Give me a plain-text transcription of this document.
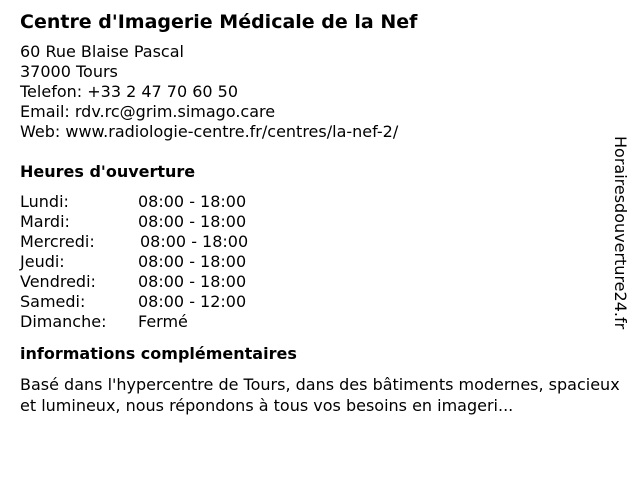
Centre d'Imagerie Médicale de la Nef
60 Rue Blaise Pascal
37000 Tours
Telefon: +33 2 47 70 60 50
Email: rdv.rc@grim.simago.care
Web: www.radiologie-centre.fr/centres/la-nef-2/
Heures d'ouverture
Lundi:	08:00 - 18:00
Mardi:	08:00 - 18:00
Mercredi:	08:00 - 18:00
Jeudi:	08:00 - 18:00
Vendredi:	08:00 - 18:00
Samedi:	08:00 - 12:00
Dimanche:	Fermé
informations complémentaires
Basé dans l'hypercentre de Tours, dans des bâtiments modernes, spacieux et lumineux, nous répondons à tous vos besoins en imageri...
Horairesdouverture24.fr
